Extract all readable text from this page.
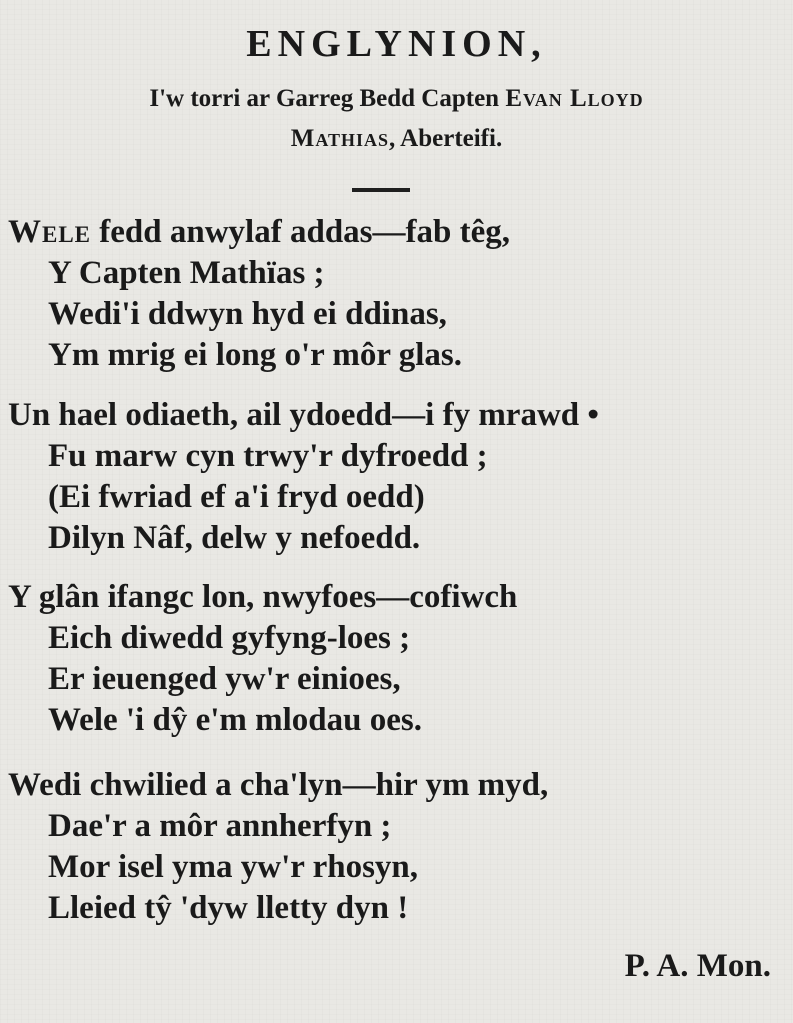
ENGLYNION,
I'w torri ar Garreg Bedd Capten Evan Lloyd
Mathias, Aberteifi.
Wele fedd anwylaf addas—fab têg,
Y Capten Mathïas ;
Wedi'i ddwyn hyd ei ddinas,
Ym mrig ei long o'r môr glas.
Un hael odiaeth, ail ydoedd—i fy mrawd •
Fu marw cyn trwy'r dyfroedd ;
(Ei fwriad ef a'i fryd oedd)
Dilyn Nâf, delw y nefoedd.
Y glân ifangc lon, nwyfoes—cofiwch
Eich diwedd gyfyng-loes ;
Er ieuenged yw'r einioes,
Wele 'i dŷ e'm mlodau oes.
Wedi chwilied a cha'lyn—hir ym myd,
Dae'r a môr annherfyn ;
Mor isel yma yw'r rhosyn,
Lleied tŷ 'dyw lletty dyn !
P. A. Mon.
